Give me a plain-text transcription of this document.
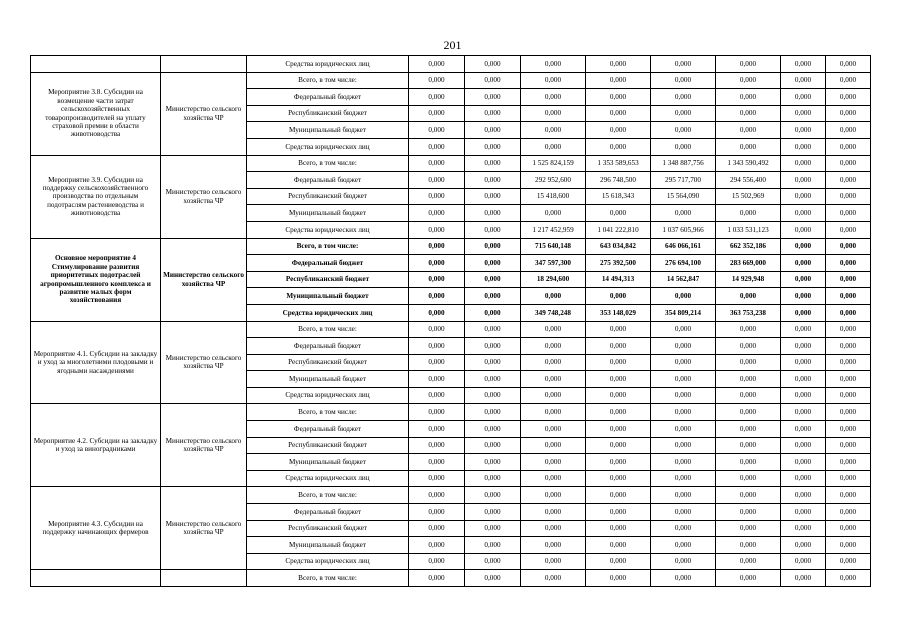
201
		Средства юридических лиц	0,000	0,000	0,000	0,000	0,000	0,000	0,000	0,000
Мероприятие 3.8. Субсидии на возмещение части затрат сельскохозяйственных товаропроизводителей на уплату страховой премии в области животноводства	Министерство сельского хозяйства ЧР	Всего, в том числе:	0,000	0,000	0,000	0,000	0,000	0,000	0,000	0,000
		Федеральный бюджет	0,000	0,000	0,000	0,000	0,000	0,000	0,000	0,000
		Республиканский бюджет	0,000	0,000	0,000	0,000	0,000	0,000	0,000	0,000
		Муниципальный бюджет	0,000	0,000	0,000	0,000	0,000	0,000	0,000	0,000
		Средства юридических лиц	0,000	0,000	0,000	0,000	0,000	0,000	0,000	0,000
Мероприятие 3.9. Субсидии на поддержку сельскохозяйственного производства по отдельным подотраслям растениеводства и животноводства	Министерство сельского хозяйства ЧР	Всего, в том числе:	0,000	0,000	1 525 824,159	1 353 589,653	1 348 887,756	1 343 590,492	0,000	0,000
		Федеральный бюджет	0,000	0,000	292 952,600	296 748,500	295 717,700	294 556,400	0,000	0,000
		Республиканский бюджет	0,000	0,000	15 418,600	15 618,343	15 564,090	15 502,969	0,000	0,000
		Муниципальный бюджет	0,000	0,000	0,000	0,000	0,000	0,000	0,000	0,000
		Средства юридических лиц	0,000	0,000	1 217 452,959	1 041 222,810	1 037 605,966	1 033 531,123	0,000	0,000
Основное мероприятие 4 Стимулирование развития приоритетных подотраслей агропромышленного комплекса и развитие малых форм хозяйствования	Министерство сельского хозяйства ЧР	Всего, в том числе:	0,000	0,000	715 640,148	643 034,842	646 066,161	662 352,186	0,000	0,000
		Федеральный бюджет	0,000	0,000	347 597,300	275 392,500	276 694,100	283 669,000	0,000	0,000
		Республиканский бюджет	0,000	0,000	18 294,600	14 494,313	14 562,847	14 929,948	0,000	0,000
		Муниципальный бюджет	0,000	0,000	0,000	0,000	0,000	0,000	0,000	0,000
		Средства юридических лиц	0,000	0,000	349 748,248	353 148,029	354 809,214	363 753,238	0,000	0,000
Мероприятие 4.1. Субсидии на закладку и уход за многолетними плодовыми и ягодными насаждениями	Министерство сельского хозяйства ЧР	Всего, в том числе:	0,000	0,000	0,000	0,000	0,000	0,000	0,000	0,000
		Федеральный бюджет	0,000	0,000	0,000	0,000	0,000	0,000	0,000	0,000
		Республиканский бюджет	0,000	0,000	0,000	0,000	0,000	0,000	0,000	0,000
		Муниципальный бюджет	0,000	0,000	0,000	0,000	0,000	0,000	0,000	0,000
		Средства юридических лиц	0,000	0,000	0,000	0,000	0,000	0,000	0,000	0,000
Мероприятие 4.2. Субсидии на закладку и уход за виноградниками	Министерство сельского хозяйства ЧР	Всего, в том числе:	0,000	0,000	0,000	0,000	0,000	0,000	0,000	0,000
		Федеральный бюджет	0,000	0,000	0,000	0,000	0,000	0,000	0,000	0,000
		Республиканский бюджет	0,000	0,000	0,000	0,000	0,000	0,000	0,000	0,000
		Муниципальный бюджет	0,000	0,000	0,000	0,000	0,000	0,000	0,000	0,000
		Средства юридических лиц	0,000	0,000	0,000	0,000	0,000	0,000	0,000	0,000
Мероприятие 4.3. Субсидии на поддержку начинающих фермеров	Министерство сельского хозяйства ЧР	Всего, в том числе:	0,000	0,000	0,000	0,000	0,000	0,000	0,000	0,000
		Федеральный бюджет	0,000	0,000	0,000	0,000	0,000	0,000	0,000	0,000
		Республиканский бюджет	0,000	0,000	0,000	0,000	0,000	0,000	0,000	0,000
		Муниципальный бюджет	0,000	0,000	0,000	0,000	0,000	0,000	0,000	0,000
		Средства юридических лиц	0,000	0,000	0,000	0,000	0,000	0,000	0,000	0,000
		Всего, в том числе:	0,000	0,000	0,000	0,000	0,000	0,000	0,000	0,000
